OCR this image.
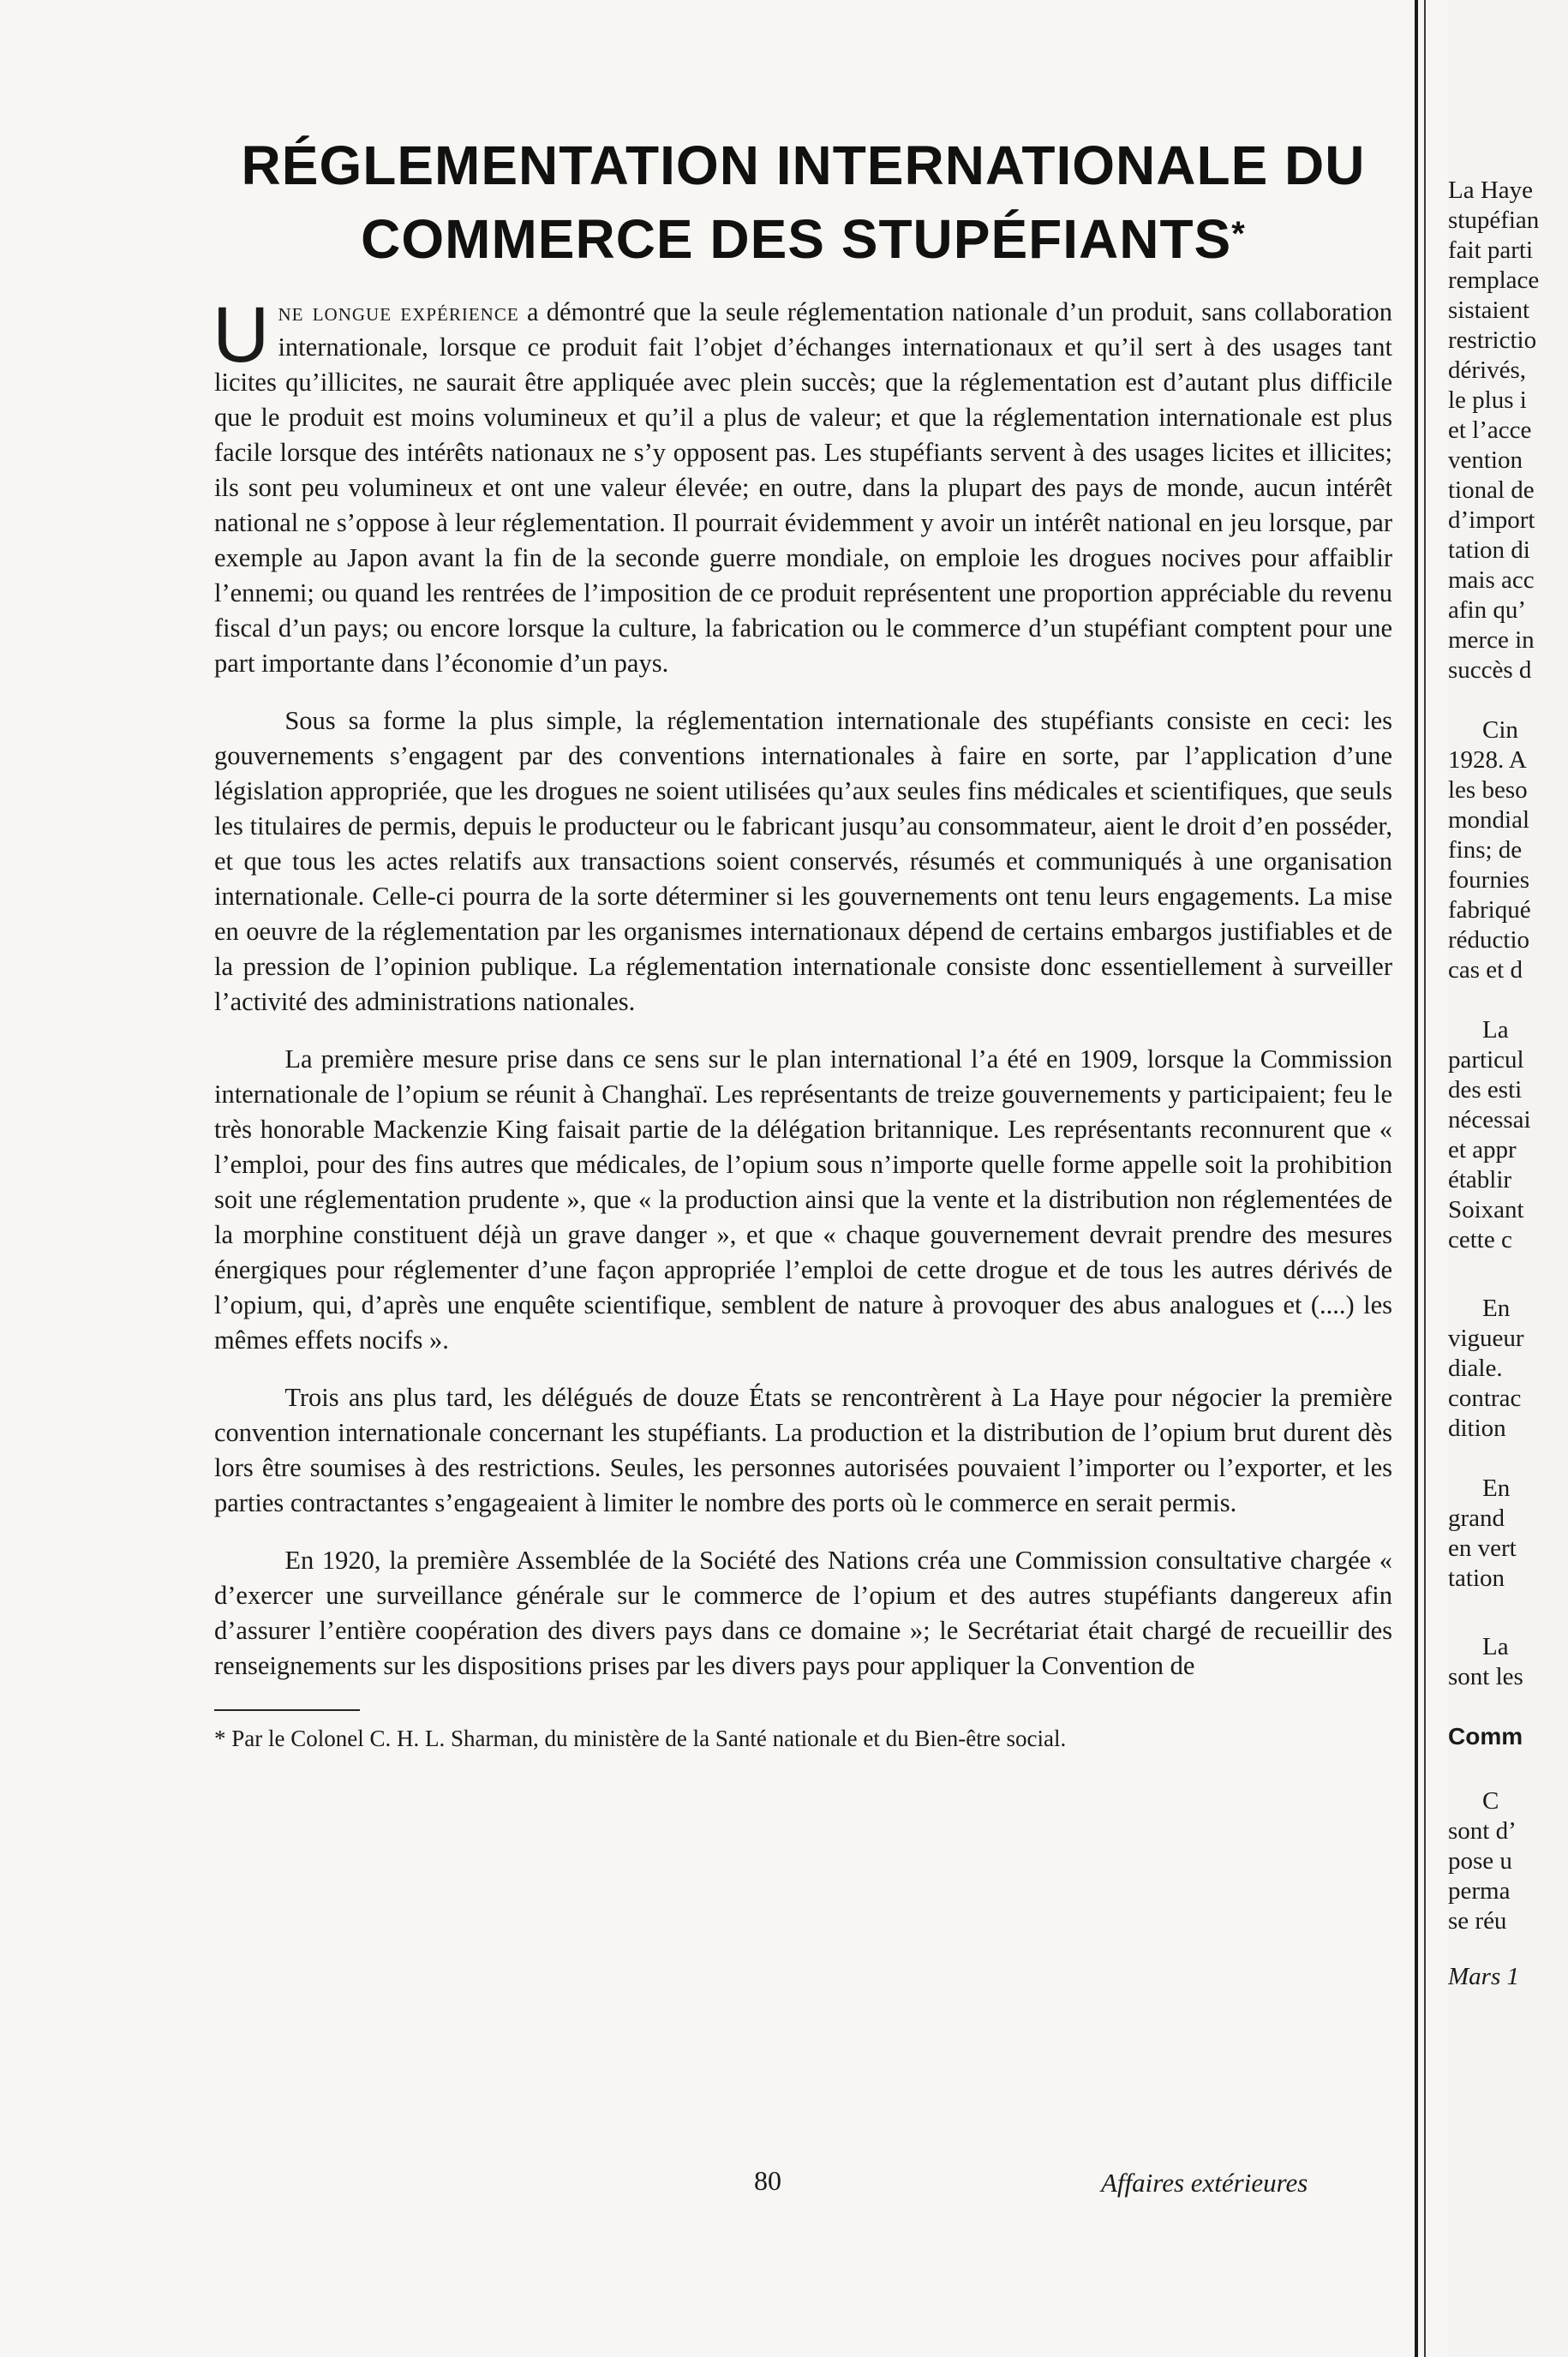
RÉGLEMENTATION INTERNATIONALE DU
COMMERCE DES STUPÉFIANTS*

Une longue expérience a démontré que la seule réglementation nationale d’un produit, sans collaboration internationale, lorsque ce produit fait l’objet d’échanges internationaux et qu’il sert à des usages tant licites qu’illicites, ne saurait être appliquée avec plein succès; que la réglementation est d’autant plus difficile que le produit est moins volumineux et qu’il a plus de valeur; et que la réglementation internationale est plus facile lorsque des intérêts nationaux ne s’y opposent pas. Les stupéfiants servent à des usages licites et illicites; ils sont peu volumineux et ont une valeur élevée; en outre, dans la plupart des pays de monde, aucun intérêt national ne s’oppose à leur réglementation. Il pourrait évidemment y avoir un intérêt national en jeu lorsque, par exemple au Japon avant la fin de la seconde guerre mondiale, on emploie les drogues nocives pour affaiblir l’ennemi; ou quand les rentrées de l’imposition de ce produit représentent une proportion appréciable du revenu fiscal d’un pays; ou encore lorsque la culture, la fabrication ou le commerce d’un stupéfiant comptent pour une part importante dans l’économie d’un pays.

Sous sa forme la plus simple, la réglementation internationale des stupéfiants consiste en ceci: les gouvernements s’engagent par des conventions internationales à faire en sorte, par l’application d’une législation appropriée, que les drogues ne soient utilisées qu’aux seules fins médicales et scientifiques, que seuls les titulaires de permis, depuis le producteur ou le fabricant jusqu’au consommateur, aient le droit d’en posséder, et que tous les actes relatifs aux transactions soient conservés, résumés et communiqués à une organisation internationale. Celle-ci pourra de la sorte déterminer si les gouvernements ont tenu leurs engagements. La mise en oeuvre de la réglementation par les organismes internationaux dépend de certains embargos justifiables et de la pression de l’opinion publique. La réglementation internationale consiste donc essentiellement à surveiller l’activité des administrations nationales.

La première mesure prise dans ce sens sur le plan international l’a été en 1909, lorsque la Commission internationale de l’opium se réunit à Changhaï. Les représentants de treize gouvernements y participaient; feu le très honorable Mackenzie King faisait partie de la délégation britannique. Les représentants reconnurent que « l’emploi, pour des fins autres que médicales, de l’opium sous n’importe quelle forme appelle soit la prohibition soit une réglementation prudente », que « la production ainsi que la vente et la distribution non réglementées de la morphine constituent déjà un grave danger », et que « chaque gouvernement devrait prendre des mesures énergiques pour réglementer d’une façon appropriée l’emploi de cette drogue et de tous les autres dérivés de l’opium, qui, d’après une enquête scientifique, semblent de nature à provoquer des abus analogues et (....) les mêmes effets nocifs ».

Trois ans plus tard, les délégués de douze États se rencontrèrent à La Haye pour négocier la première convention internationale concernant les stupéfiants. La production et la distribution de l’opium brut durent dès lors être soumises à des restrictions. Seules, les personnes autorisées pouvaient l’importer ou l’exporter, et les parties contractantes s’engageaient à limiter le nombre des ports où le commerce en serait permis.

En 1920, la première Assemblée de la Société des Nations créa une Commission consultative chargée « d’exercer une surveillance générale sur le commerce de l’opium et des autres stupéfiants dangereux afin d’assurer l’entière coopération des divers pays dans ce domaine »; le Secrétariat était chargé de recueillir des renseignements sur les dispositions prises par les divers pays pour appliquer la Convention de

* Par le Colonel C. H. L. Sharman, du ministère de la Santé nationale et du Bien-être social.
80	Affaires extérieures
La Haye
stupéfian
fait parti
remplace
sistaient
restrictio
dérivés,
le plus i
et l’acce
vention
tional de
d’import
tation di
mais acc
afin qu’
merce in
succès d
Cin
1928. A
les beso
mondial
fins; de
fournies
fabriqué
réductio
cas et d
La
particul
des esti
nécessai
et appr
établir
Soixant
cette c
En
vigueur
diale.
contrac
dition
En
grand
en vert
tation
La
sont les
Comm
C
sont d’
pose u
perma
se réu
Mars 1
